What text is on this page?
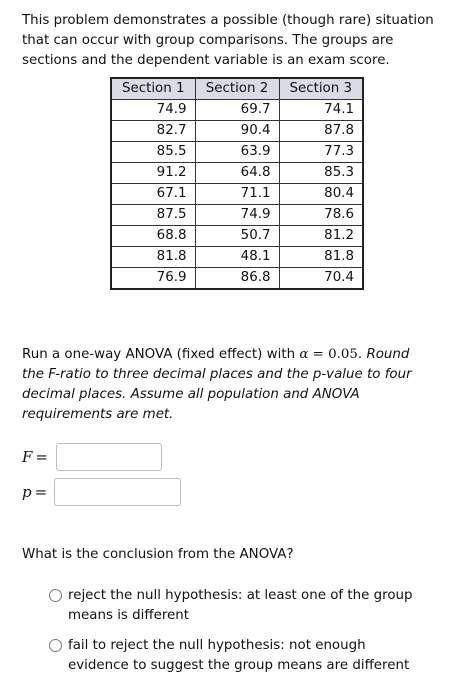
This problem demonstrates a possible (though rare) situation that can occur with group comparisons. The groups are sections and the dependent variable is an exam score.
Section 1	Section 2	Section 3
74.9	69.7	74.1
82.7	90.4	87.8
85.5	63.9	77.3
91.2	64.8	85.3
67.1	71.1	80.4
87.5	74.9	78.6
68.8	50.7	81.2
81.8	48.1	81.8
76.9	86.8	70.4
Run a one-way ANOVA (fixed effect) with α = 0.05. Round the F-ratio to three decimal places and the p-value to four decimal places. Assume all population and ANOVA requirements are met.
F =
p =
What is the conclusion from the ANOVA?
reject the null hypothesis: at least one of the group means is different
fail to reject the null hypothesis: not enough evidence to suggest the group means are different
